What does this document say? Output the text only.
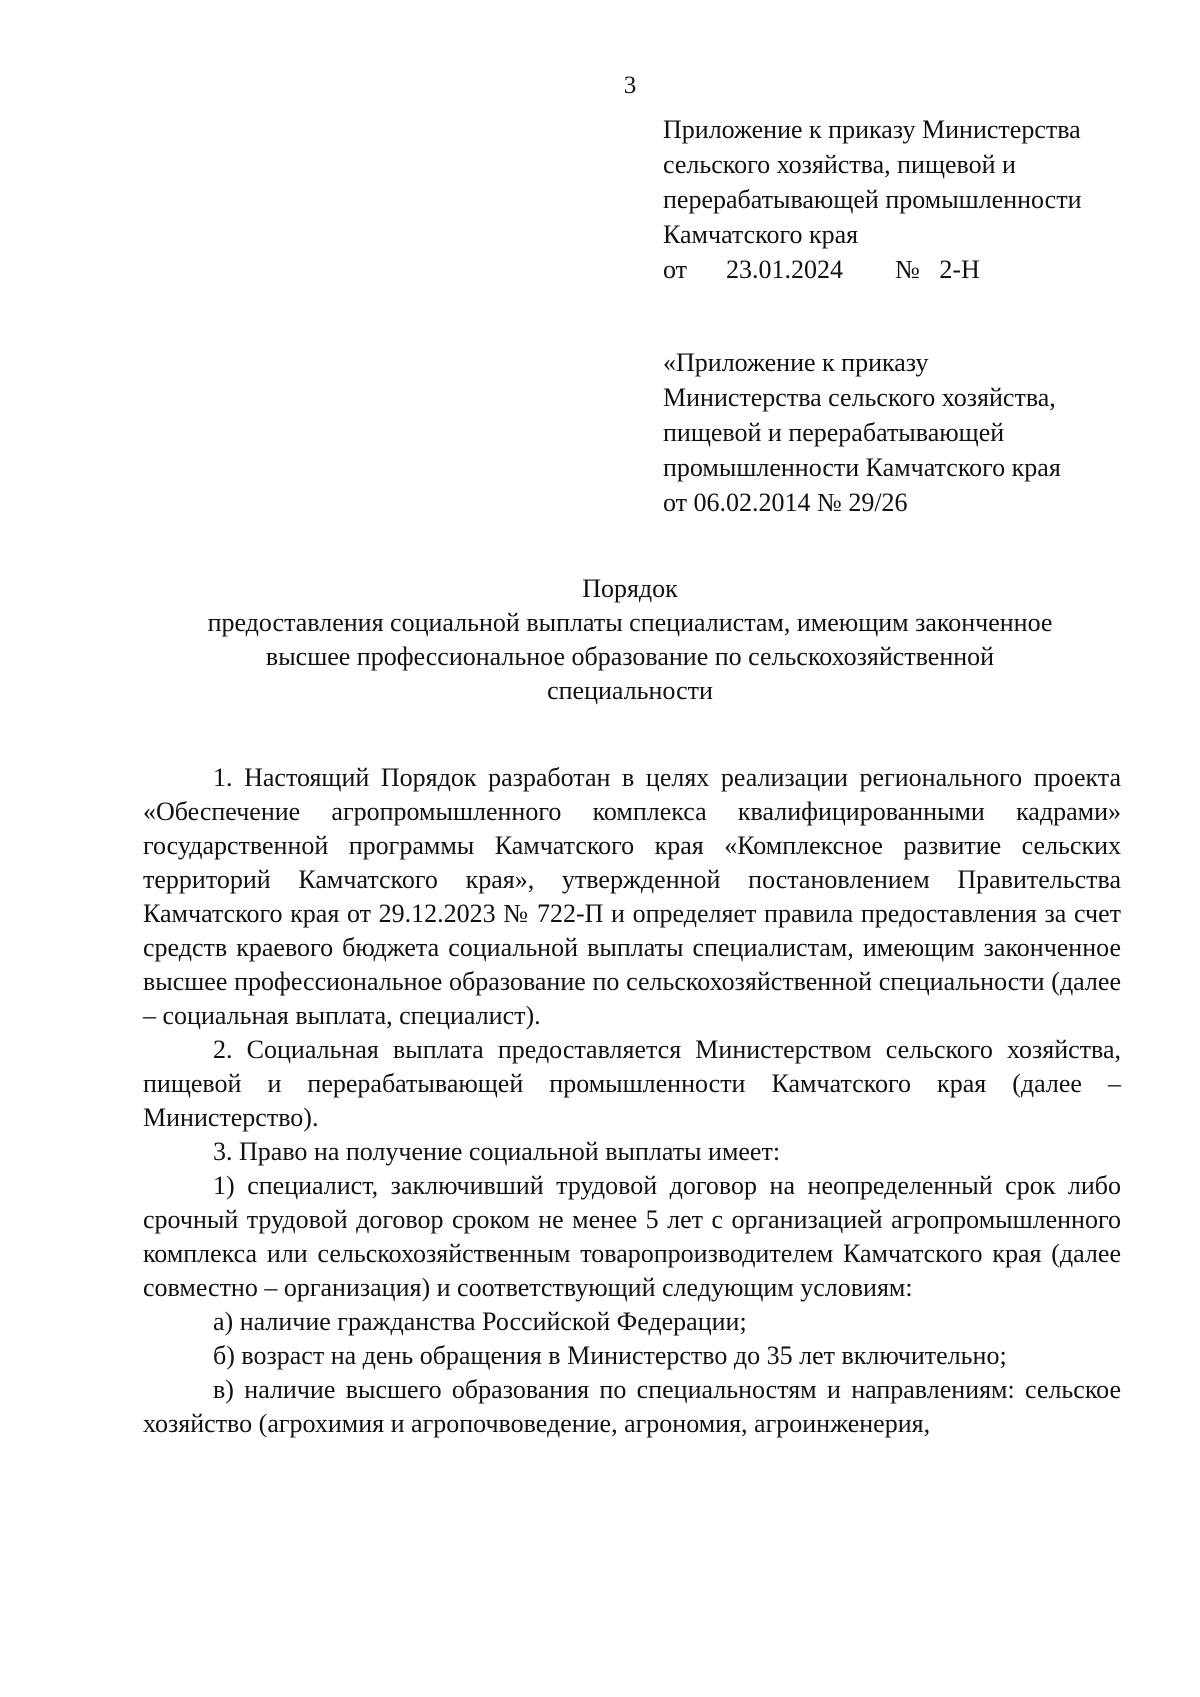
3
Приложение к приказу Министерства
сельского хозяйства, пищевой и
перерабатывающей промышленности
Камчатского края
от 23.01.2024 № 2-Н
«Приложение к приказу
Министерства сельского хозяйства,
пищевой и перерабатывающей
промышленности Камчатского края
от 06.02.2014 № 29/26
Порядок
предоставления социальной выплаты специалистам, имеющим законченное
высшее профессиональное образование по сельскохозяйственной
специальности

1. Настоящий Порядок разработан в целях реализации регионального проекта «Обеспечение агропромышленного комплекса квалифицированными кадрами» государственной программы Камчатского края «Комплексное развитие сельских территорий Камчатского края», утвержденной постановлением Правительства Камчатского края от 29.12.2023 № 722-П и определяет правила предоставления за счет средств краевого бюджета социальной выплаты специалистам, имеющим законченное высшее профессиональное образование по сельскохозяйственной специальности (далее – социальная выплата, специалист).

2. Социальная выплата предоставляется Министерством сельского хозяйства, пищевой и перерабатывающей промышленности Камчатского края (далее – Министерство).

3. Право на получение социальной выплаты имеет:

1) специалист, заключивший трудовой договор на неопределенный срок либо срочный трудовой договор сроком не менее 5 лет с организацией агропромышленного комплекса или сельскохозяйственным товаропроизводителем Камчатского края (далее совместно – организация) и соответствующий следующим условиям:

а) наличие гражданства Российской Федерации;

б) возраст на день обращения в Министерство до 35 лет включительно;

в) наличие высшего образования по специальностям и направлениям: сельское хозяйство (агрохимия и агропочвоведение, агрономия, агроинженерия,
